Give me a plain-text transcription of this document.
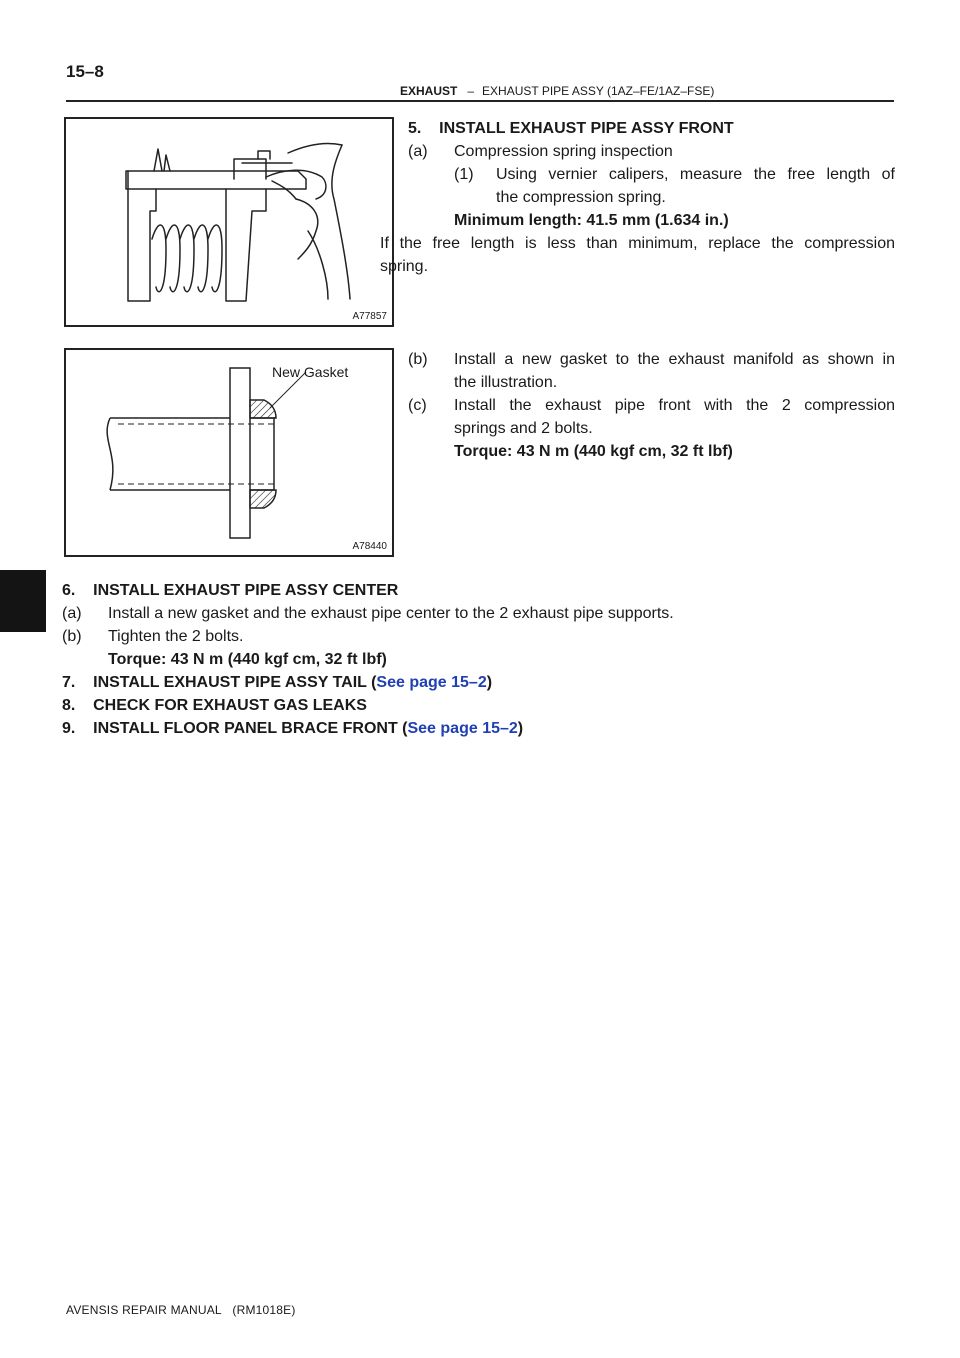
15–8
EXHAUST – EXHAUST PIPE ASSY (1AZ–FE/1AZ–FSE)
A77857
New Gasket
A78440
5.    INSTALL EXHAUST PIPE ASSY FRONT
(a) Compression spring inspection
(1) Using vernier calipers, measure the free length of
the compression spring.
Minimum length: 41.5 mm (1.634 in.)
If the free length is less than minimum, replace the compression
spring.
(b) Install a new gasket to the exhaust manifold as shown in
the illustration.
(c) Install the exhaust pipe front with the 2 compression
springs and 2 bolts.
Torque: 43 N m (440 kgf cm, 32 ft lbf)
6.    INSTALL EXHAUST PIPE ASSY CENTER
(a) Install a new gasket and the exhaust pipe center to the 2 exhaust pipe supports.
(b) Tighten the 2 bolts.
Torque: 43 N m (440 kgf cm, 32 ft lbf)
7.    INSTALL EXHAUST PIPE ASSY TAIL (See page 15–2)
8.    CHECK FOR EXHAUST GAS LEAKS
9.    INSTALL FLOOR PANEL BRACE FRONT (See page 15–2)
AVENSIS REPAIR MANUAL   (RM1018E)
